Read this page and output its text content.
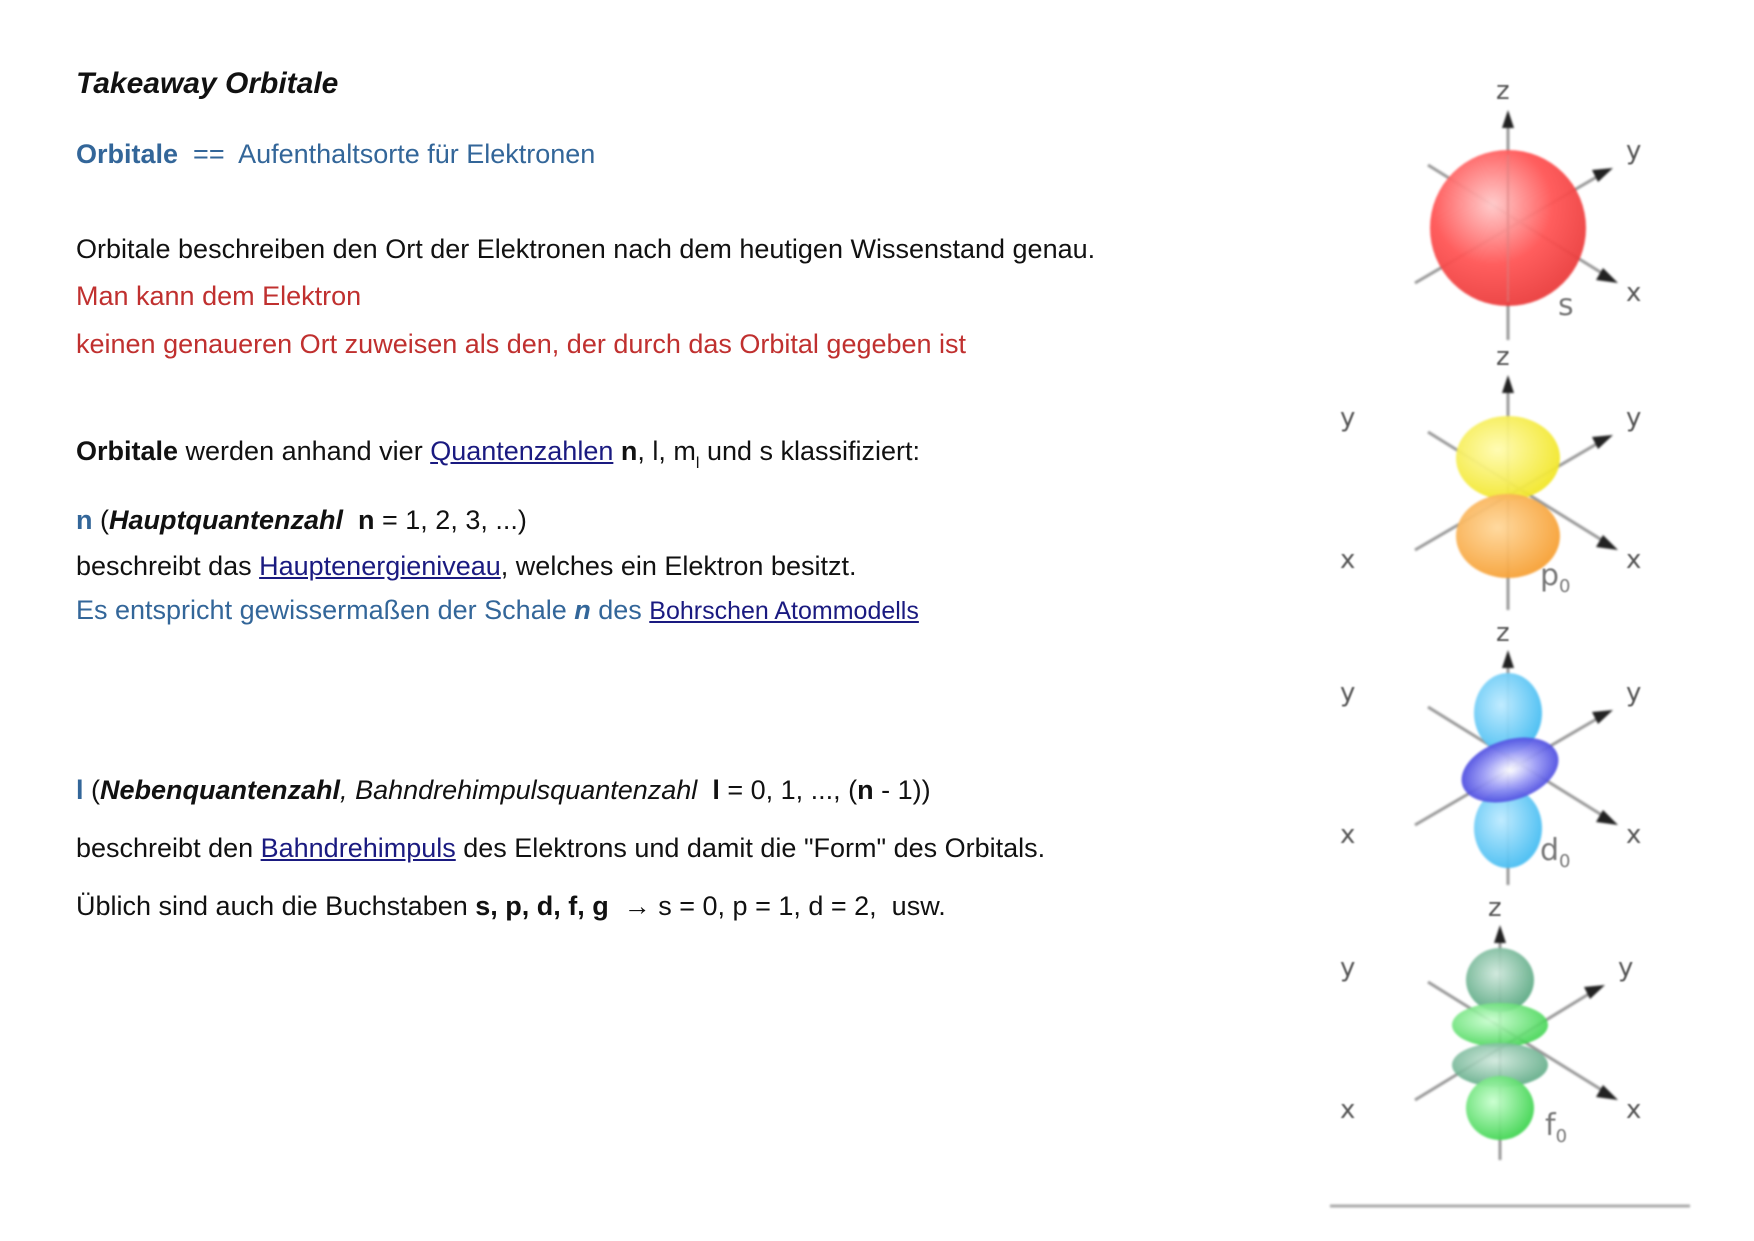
Takeaway Orbitale
Orbitale == Aufenthaltsorte für Elektronen
Orbitale beschreiben den Ort der Elektronen nach dem heutigen Wissenstand genau.
Man kann dem Elektron
keinen genaueren Ort zuweisen als den, der durch das Orbital gegeben ist
Orbitale werden anhand vier Quantenzahlen n, l, $m_l$ und s klassifiziert:
n (Hauptquantenzahl n = 1, 2, 3, ...)
beschreibt das Hauptenergieniveau, welches ein Elektron besitzt.
Es entspricht gewissermaßen der Schale n des Bohrschen Atommodells
l (Nebenquantenzahl, Bahndrehimpulsquantenzahl  l = 0, 1, ..., (n - 1))
beschreibt den Bahndrehimpuls des Elektrons und damit die "Form" des Orbitals.
Üblich sind auch die Buchstaben s, p, d, f, g  → s = 0, p = 1, d = 2,  usw.
z
y
x
z
y
x
y
x
z
y
x
y
x
z
y
x
y
x
s
$p_0$
$d_0$
$f_0$
